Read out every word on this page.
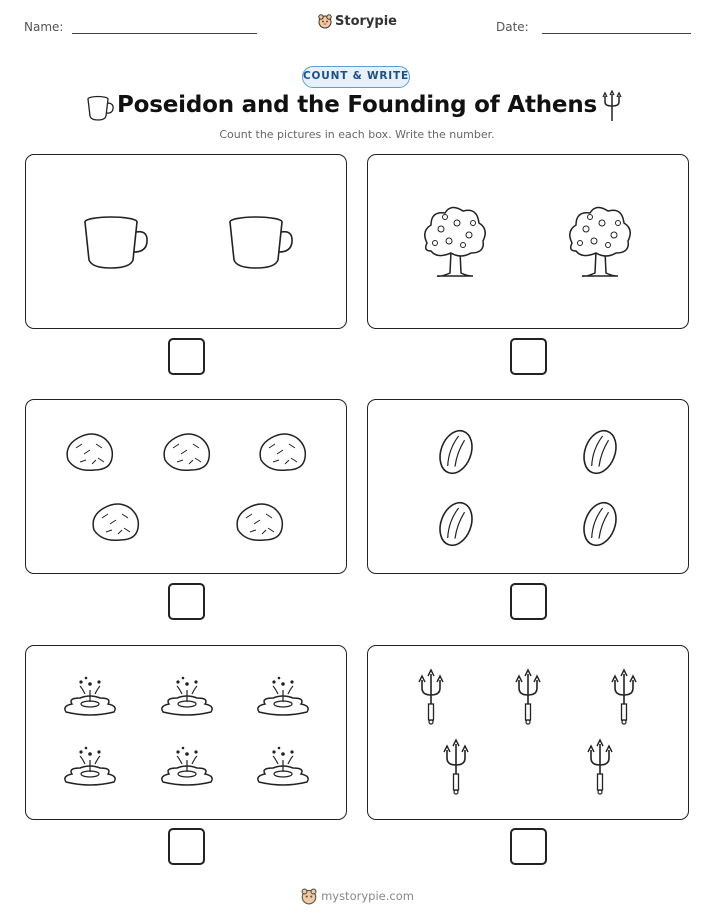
Name:	Storypie	Date:
COUNT & WRITE
Poseidon and the Founding of Athens
Count the pictures in each box. Write the number.
mystorypie.com
